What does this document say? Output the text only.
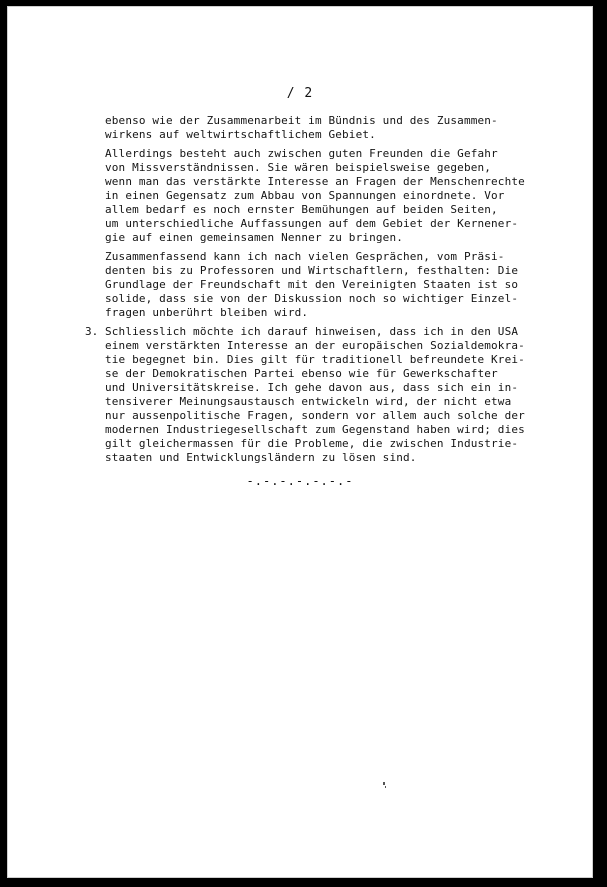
/ 2
ebenso wie der Zusammenarbeit im Bündnis und des Zusammen-
wirkens auf weltwirtschaftlichem Gebiet.
Allerdings besteht auch zwischen guten Freunden die Gefahr
von Missverständnissen. Sie wären beispielsweise gegeben,
wenn man das verstärkte Interesse an Fragen der Menschenrechte
in einen Gegensatz zum Abbau von Spannungen einordnete. Vor
allem bedarf es noch ernster Bemühungen auf beiden Seiten,
um unterschiedliche Auffassungen auf dem Gebiet der Kernener-
gie auf einen gemeinsamen Nenner zu bringen.
Zusammenfassend kann ich nach vielen Gesprächen, vom Präsi-
denten bis zu Professoren und Wirtschaftlern, festhalten: Die
Grundlage der Freundschaft mit den Vereinigten Staaten ist so
solide, dass sie von der Diskussion noch so wichtiger Einzel-
fragen unberührt bleiben wird.
3. Schliesslich möchte ich darauf hinweisen, dass ich in den USA
einem verstärkten Interesse an der europäischen Sozialdemokra-
tie begegnet bin. Dies gilt für traditionell befreundete Krei-
se der Demokratischen Partei ebenso wie für Gewerkschafter
und Universitätskreise. Ich gehe davon aus, dass sich ein in-
tensiverer Meinungsaustausch entwickeln wird, der nicht etwa
nur aussenpolitische Fragen, sondern vor allem auch solche der
modernen Industriegesellschaft zum Gegenstand haben wird; dies
gilt gleichermassen für die Probleme, die zwischen Industrie-
staaten und Entwicklungsländern zu lösen sind.
-.-.-.-.-.-.-
